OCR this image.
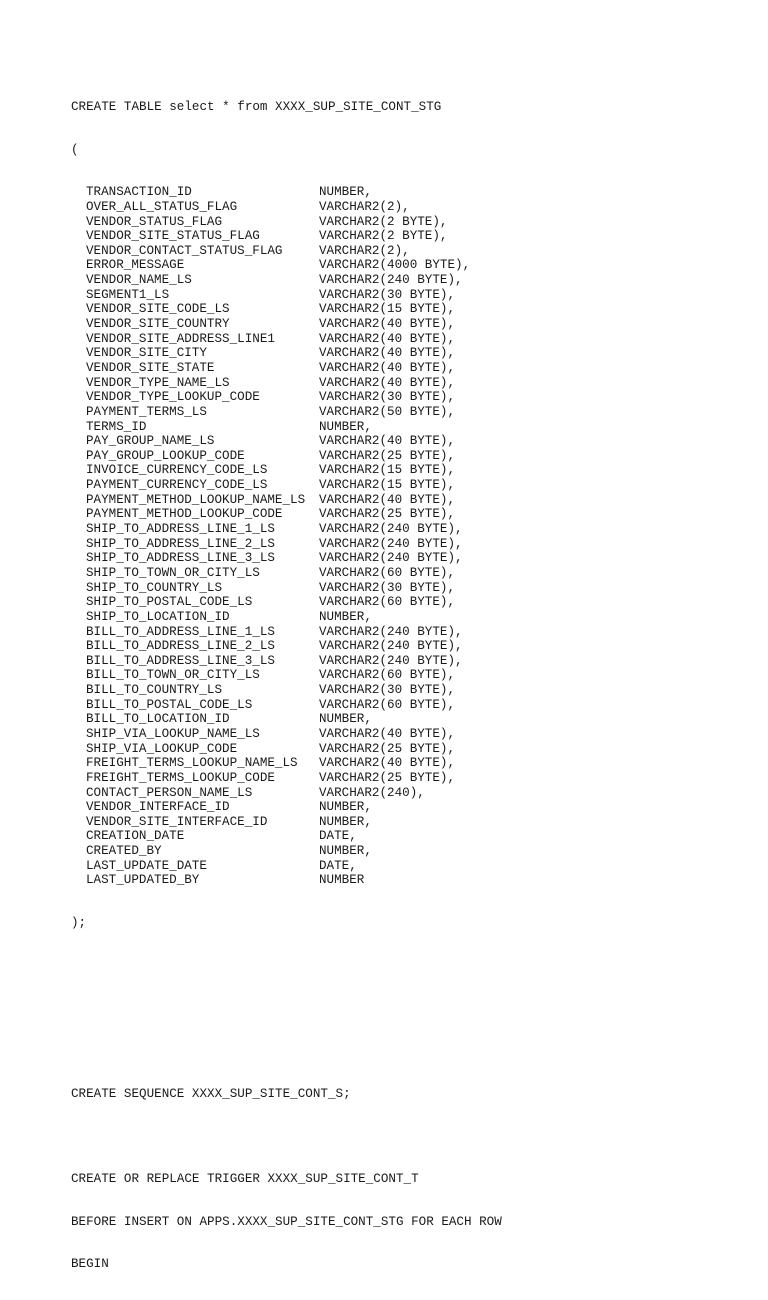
CREATE TABLE select * from XXXX_SUP_SITE_CONT_STG

(

TRANSACTION_ID	NUMBER,
OVER_ALL_STATUS_FLAG	VARCHAR2(2),
VENDOR_STATUS_FLAG	VARCHAR2(2 BYTE),
VENDOR_SITE_STATUS_FLAG	VARCHAR2(2 BYTE),
VENDOR_CONTACT_STATUS_FLAG	VARCHAR2(2),
ERROR_MESSAGE	VARCHAR2(4000 BYTE),
VENDOR_NAME_LS	VARCHAR2(240 BYTE),
SEGMENT1_LS	VARCHAR2(30 BYTE),
VENDOR_SITE_CODE_LS	VARCHAR2(15 BYTE),
VENDOR_SITE_COUNTRY	VARCHAR2(40 BYTE),
VENDOR_SITE_ADDRESS_LINE1	VARCHAR2(40 BYTE),
VENDOR_SITE_CITY	VARCHAR2(40 BYTE),
VENDOR_SITE_STATE	VARCHAR2(40 BYTE),
VENDOR_TYPE_NAME_LS	VARCHAR2(40 BYTE),
VENDOR_TYPE_LOOKUP_CODE	VARCHAR2(30 BYTE),
PAYMENT_TERMS_LS	VARCHAR2(50 BYTE),
TERMS_ID	NUMBER,
PAY_GROUP_NAME_LS	VARCHAR2(40 BYTE),
PAY_GROUP_LOOKUP_CODE	VARCHAR2(25 BYTE),
INVOICE_CURRENCY_CODE_LS	VARCHAR2(15 BYTE),
PAYMENT_CURRENCY_CODE_LS	VARCHAR2(15 BYTE),
PAYMENT_METHOD_LOOKUP_NAME_LS	VARCHAR2(40 BYTE),
PAYMENT_METHOD_LOOKUP_CODE	VARCHAR2(25 BYTE),
SHIP_TO_ADDRESS_LINE_1_LS	VARCHAR2(240 BYTE),
SHIP_TO_ADDRESS_LINE_2_LS	VARCHAR2(240 BYTE),
SHIP_TO_ADDRESS_LINE_3_LS	VARCHAR2(240 BYTE),
SHIP_TO_TOWN_OR_CITY_LS	VARCHAR2(60 BYTE),
SHIP_TO_COUNTRY_LS	VARCHAR2(30 BYTE),
SHIP_TO_POSTAL_CODE_LS	VARCHAR2(60 BYTE),
SHIP_TO_LOCATION_ID	NUMBER,
BILL_TO_ADDRESS_LINE_1_LS	VARCHAR2(240 BYTE),
BILL_TO_ADDRESS_LINE_2_LS	VARCHAR2(240 BYTE),
BILL_TO_ADDRESS_LINE_3_LS	VARCHAR2(240 BYTE),
BILL_TO_TOWN_OR_CITY_LS	VARCHAR2(60 BYTE),
BILL_TO_COUNTRY_LS	VARCHAR2(30 BYTE),
BILL_TO_POSTAL_CODE_LS	VARCHAR2(60 BYTE),
BILL_TO_LOCATION_ID	NUMBER,
SHIP_VIA_LOOKUP_NAME_LS	VARCHAR2(40 BYTE),
SHIP_VIA_LOOKUP_CODE	VARCHAR2(25 BYTE),
FREIGHT_TERMS_LOOKUP_NAME_LS	VARCHAR2(40 BYTE),
FREIGHT_TERMS_LOOKUP_CODE	VARCHAR2(25 BYTE),
CONTACT_PERSON_NAME_LS	VARCHAR2(240),
VENDOR_INTERFACE_ID	NUMBER,
VENDOR_SITE_INTERFACE_ID	NUMBER,
CREATION_DATE	DATE,
CREATED_BY	NUMBER,
LAST_UPDATE_DATE	DATE,
LAST_UPDATED_BY	NUMBER

);

CREATE SEQUENCE XXXX_SUP_SITE_CONT_S;

CREATE OR REPLACE TRIGGER XXXX_SUP_SITE_CONT_T

BEFORE INSERT ON APPS.XXXX_SUP_SITE_CONT_STG FOR EACH ROW

BEGIN
